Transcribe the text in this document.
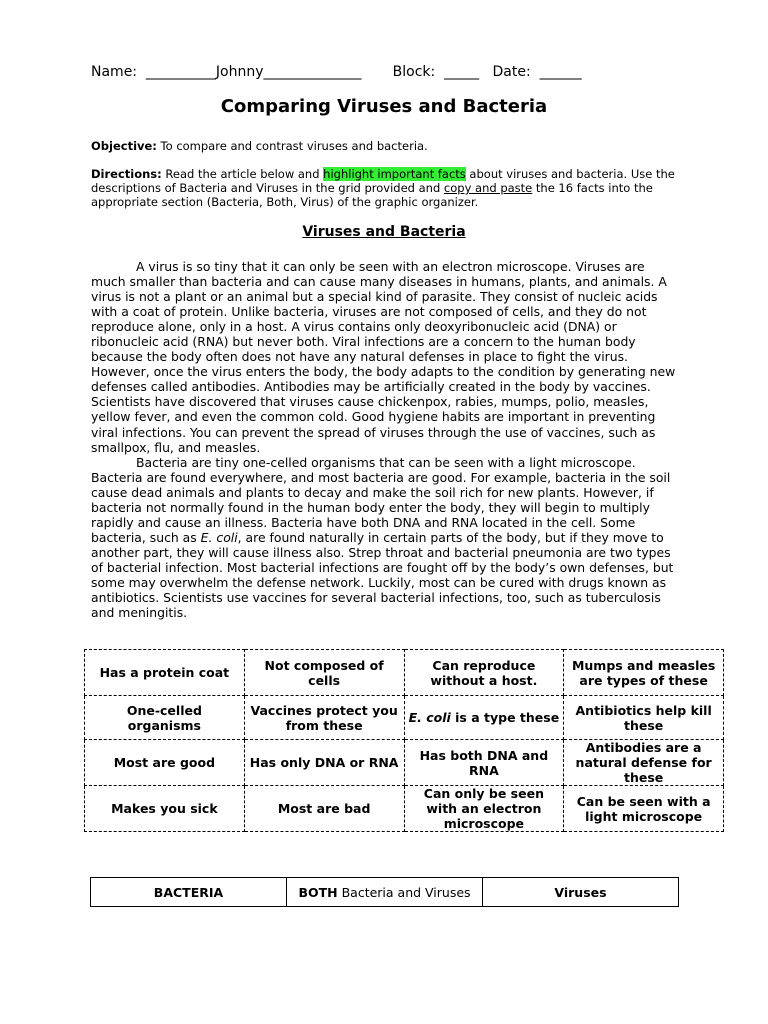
Name:  __________Johnny______________       Block:  _____   Date:  ______
Comparing Viruses and Bacteria
Objective: To compare and contrast viruses and bacteria.
Directions: Read the article below and highlight important facts about viruses and bacteria. Use the descriptions of Bacteria and Viruses in the grid provided and copy and paste the 16 facts into the appropriate section (Bacteria, Both, Virus) of the graphic organizer.
Viruses and Bacteria

A virus is so tiny that it can only be seen with an electron microscope. Viruses are much smaller than bacteria and can cause many diseases in humans, plants, and animals. A virus is not a plant or an animal but a special kind of parasite. They consist of nucleic acids with a coat of protein. Unlike bacteria, viruses are not composed of cells, and they do not reproduce alone, only in a host. A virus contains only deoxyribonucleic acid (DNA) or ribonucleic acid (RNA) but never both. Viral infections are a concern to the human body because the body often does not have any natural defenses in place to fight the virus. However, once the virus enters the body, the body adapts to the condition by generating new defenses called antibodies. Antibodies may be artificially created in the body by vaccines. Scientists have discovered that viruses cause chickenpox, rabies, mumps, polio, measles, yellow fever, and even the common cold. Good hygiene habits are important in preventing viral infections. You can prevent the spread of viruses through the use of vaccines, such as smallpox, flu, and measles.

Bacteria are tiny one-celled organisms that can be seen with a light microscope. Bacteria are found everywhere, and most bacteria are good. For example, bacteria in the soil cause dead animals and plants to decay and make the soil rich for new plants. However, if bacteria not normally found in the human body enter the body, they will begin to multiply rapidly and cause an illness. Bacteria have both DNA and RNA located in the cell. Some bacteria, such as E. coli, are found naturally in certain parts of the body, but if they move to another part, they will cause illness also. Strep throat and bacterial pneumonia are two types of bacterial infection. Most bacterial infections are fought off by the body’s own defenses, but some may overwhelm the defense network. Luckily, most can be cured with drugs known as antibiotics. Scientists use vaccines for several bacterial infections, too, such as tuberculosis and meningitis.

Has a protein coat	Not composed of cells	Can reproduce without a host.	Mumps and measles are types of these
One-celled organisms	Vaccines protect you from these	E. coli is a type these	Antibiotics help kill these
Most are good	Has only DNA or RNA	Has both DNA and RNA	Antibodies are a natural defense for these
Makes you sick	Most are bad	Can only be seen with an electron microscope	Can be seen with a light microscope
BACTERIA	BOTH Bacteria and Viruses	Viruses
